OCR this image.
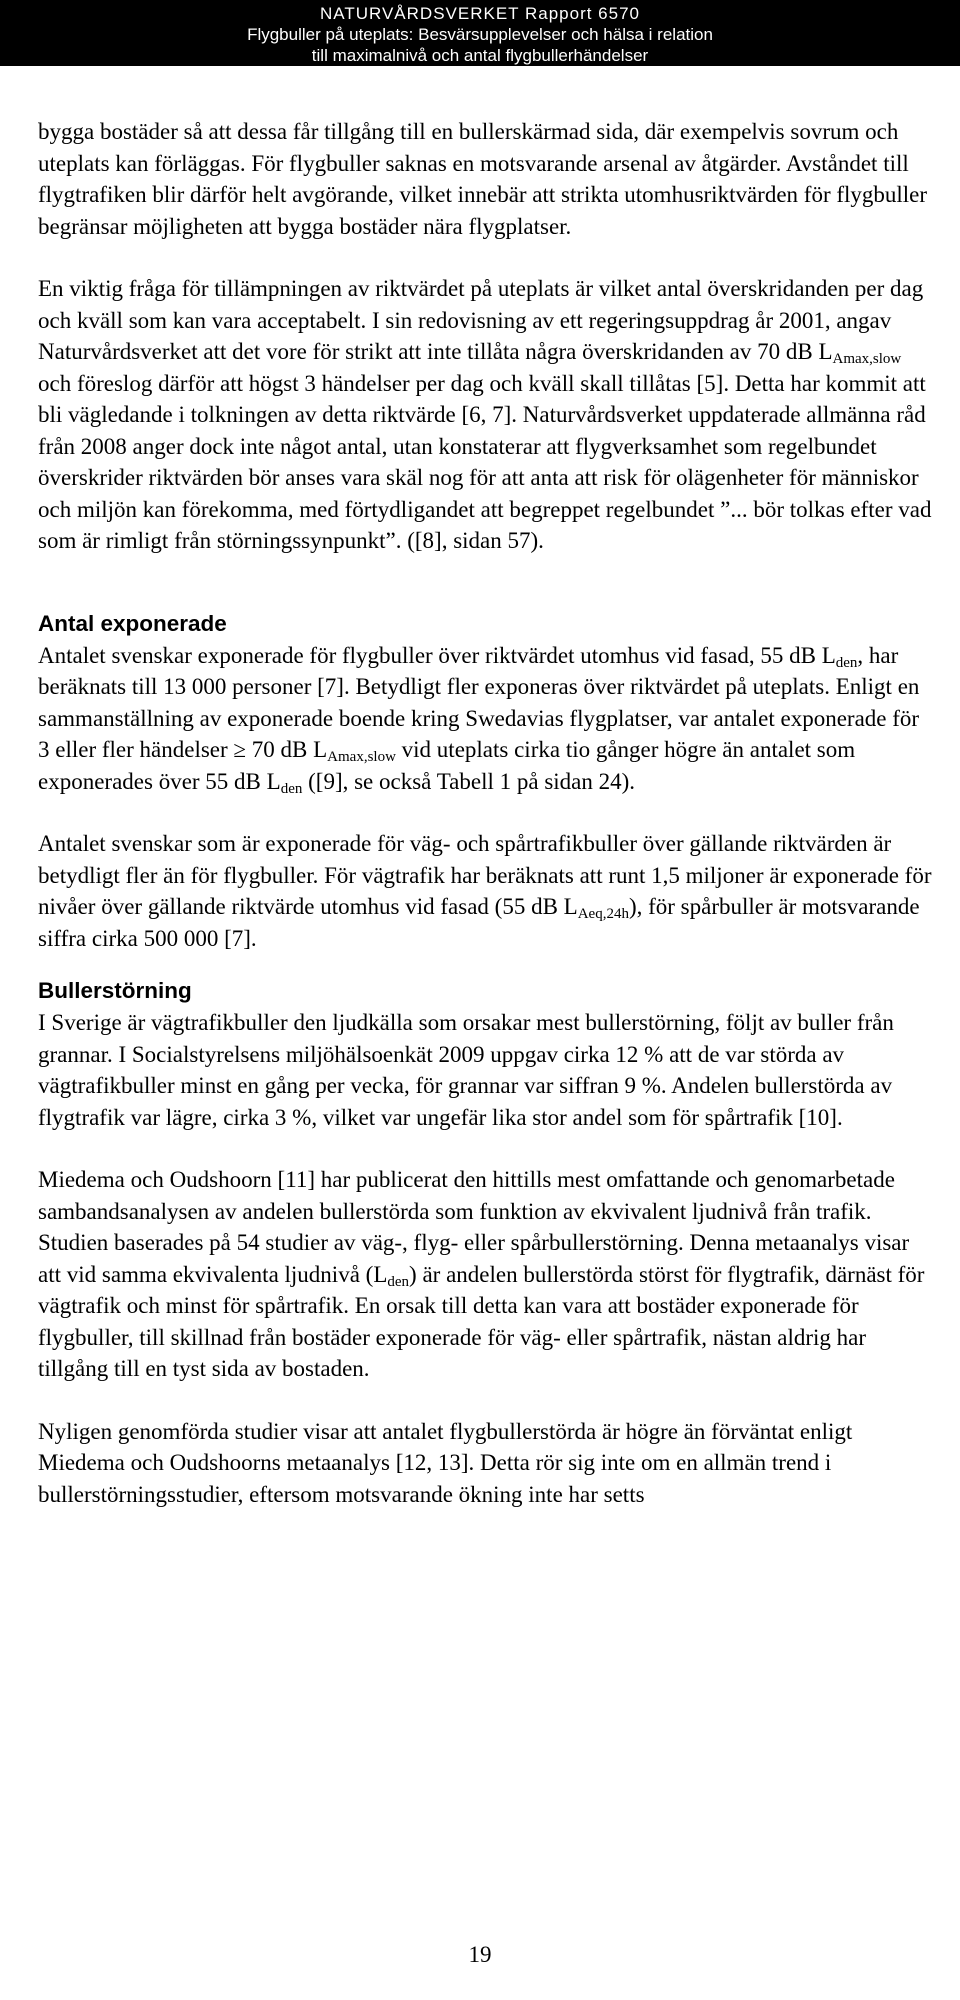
NATURVÅRDSVERKET Rapport 6570
Flygbuller på uteplats: Besvärsupplevelser och hälsa i relation
till maximalnivå och antal flygbullerhändelser

bygga bostäder så att dessa får tillgång till en bullerskärmad sida, där exempelvis sovrum och uteplats kan förläggas. För flygbuller saknas en motsvarande arsenal av åtgärder. Avståndet till flygtrafiken blir därför helt avgörande, vilket innebär att strikta utomhusriktvärden för flygbuller begränsar möjligheten att bygga bostäder nära flygplatser.

En viktig fråga för tillämpningen av riktvärdet på uteplats är vilket antal överskridanden per dag och kväll som kan vara acceptabelt. I sin redovisning av ett regeringsuppdrag år 2001, angav Naturvårdsverket att det vore för strikt att inte tillåta några överskridanden av 70 dB $L_{Amax,slow}$ och föreslog därför att högst 3 händelser per dag och kväll skall tillåtas [5]. Detta har kommit att bli vägledande i tolkningen av detta riktvärde [6, 7]. Naturvårdsverket uppdaterade allmänna råd från 2008 anger dock inte något antal, utan konstaterar att flygverksamhet som regelbundet överskrider riktvärden bör anses vara skäl nog för att anta att risk för olägenheter för människor och miljön kan förekomma, med förtydligandet att begreppet regelbundet ”... bör tolkas efter vad som är rimligt från störningssynpunkt”. ([8], sidan 57).

Antal exponerade

Antalet svenskar exponerade för flygbuller över riktvärdet utomhus vid fasad, 55 dB $L_{den}$, har beräknats till 13 000 personer [7]. Betydligt fler exponeras över riktvärdet på uteplats. Enligt en sammanställning av exponerade boende kring Swedavias flygplatser, var antalet exponerade för 3 eller fler händelser ≥ 70 dB $L_{Amax,slow}$ vid uteplats cirka tio gånger högre än antalet som exponerades över 55 dB $L_{den}$ ([9], se också Tabell 1 på sidan 24).

Antalet svenskar som är exponerade för väg- och spårtrafikbuller över gällande riktvärden är betydligt fler än för flygbuller. För vägtrafik har beräknats att runt 1,5 miljoner är exponerade för nivåer över gällande riktvärde utomhus vid fasad (55 dB $L_{Aeq,24h}$), för spårbuller är motsvarande siffra cirka 500 000 [7].

Bullerstörning

I Sverige är vägtrafikbuller den ljudkälla som orsakar mest bullerstörning, följt av buller från grannar. I Socialstyrelsens miljöhälsoenkät 2009 uppgav cirka 12 % att de var störda av vägtrafikbuller minst en gång per vecka, för grannar var siffran 9 %. Andelen bullerstörda av flygtrafik var lägre, cirka 3 %, vilket var ungefär lika stor andel som för spårtrafik [10].

Miedema och Oudshoorn [11] har publicerat den hittills mest omfattande och genomarbetade sambandsanalysen av andelen bullerstörda som funktion av ekvivalent ljudnivå från trafik. Studien baserades på 54 studier av väg-, flyg- eller spårbullerstörning. Denna metaanalys visar att vid samma ekvivalenta ljudnivå $(L_{den})$ är andelen bullerstörda störst för flygtrafik, därnäst för vägtrafik och minst för spårtrafik. En orsak till detta kan vara att bostäder exponerade för flygbuller, till skillnad från bostäder exponerade för väg- eller spårtrafik, nästan aldrig har tillgång till en tyst sida av bostaden.

Nyligen genomförda studier visar att antalet flygbullerstörda är högre än förväntat enligt Miedema och Oudshoorns metaanalys [12, 13]. Detta rör sig inte om en allmän trend i bullerstörningsstudier, eftersom motsvarande ökning inte har setts

19
